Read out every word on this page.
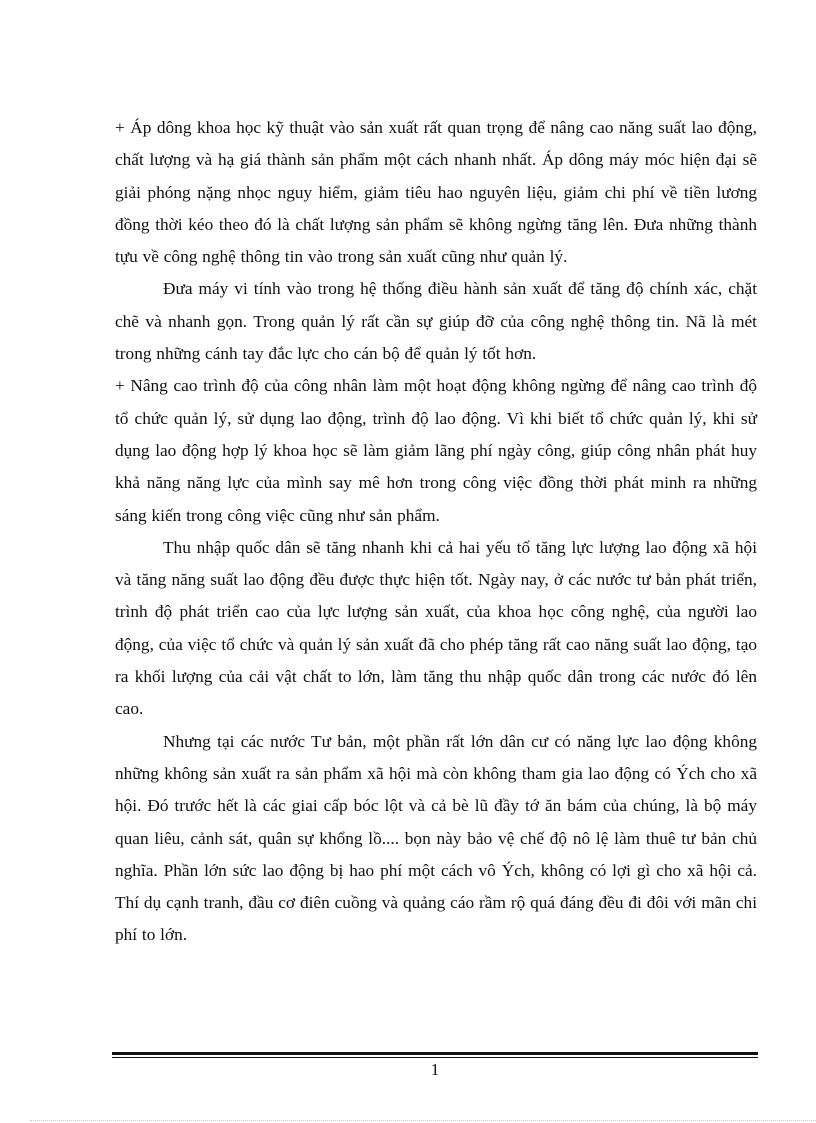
+ Áp dông khoa học kỹ thuật vào sản xuất rất quan trọng để nâng cao năng suất lao động, chất lượng và hạ giá thành sản phẩm một cách nhanh nhất. Áp dông máy móc hiện đại sẽ giải phóng nặng nhọc nguy hiểm, giảm tiêu hao nguyên liệu, giảm chi phí về tiền lương đồng thời kéo theo đó là chất lượng sản phẩm sẽ không ngừng tăng lên. Đưa những thành tựu về công nghệ thông tin vào trong sản xuất cũng như quản lý.

Đưa máy vi tính vào trong hệ thống điều hành sản xuất để tăng độ chính xác, chặt chẽ và nhanh gọn. Trong quản lý rất cần sự giúp đỡ của công nghệ thông tin. Nã là mét trong những cánh tay đắc lực cho cán bộ để quản lý tốt hơn.

+ Nâng cao trình độ của công nhân làm một hoạt động không ngừng để nâng cao trình độ tổ chức quản lý, sử dụng lao động, trình độ lao động. Vì khi biết tổ chức quản lý, khi sử dụng lao động hợp lý khoa học sẽ làm giảm lãng phí ngày công, giúp công nhân phát huy khả năng năng lực của mình say mê hơn trong công việc đồng thời phát minh ra những sáng kiến trong công việc cũng như sản phẩm.

Thu nhập quốc dân sẽ tăng nhanh khi cả hai yếu tố tăng lực lượng lao động xã hội và tăng năng suất lao động đều được thực hiện tốt. Ngày nay, ở các nước tư bản phát triển, trình độ phát triển cao của lực lượng sản xuất, của khoa học công nghệ, của người lao động, của việc tổ chức và quản lý sản xuất đã cho phép tăng rất cao năng suất lao động, tạo ra khối lượng của cải vật chất to lớn, làm tăng thu nhập quốc dân trong các nước đó lên cao.

Nhưng tại các nước Tư bản, một phần rất lớn dân cư có năng lực lao động không những không sản xuất ra sản phẩm xã hội mà còn không tham gia lao động có Ých cho xã hội. Đó trước hết là các giai cấp bóc lột và cả bè lũ đầy tớ ăn bám của chúng, là bộ máy quan liêu, cảnh sát, quân sự khổng lồ.... bọn này bảo vệ chế độ nô lệ làm thuê tư bản chủ nghĩa. Phần lớn sức lao động bị hao phí một cách vô Ých, không có lợi gì cho xã hội cả. Thí dụ cạnh tranh, đầu cơ điên cuồng và quảng cáo rầm rộ quá đáng đều đi đôi với mãn chi phí to lớn.

1
